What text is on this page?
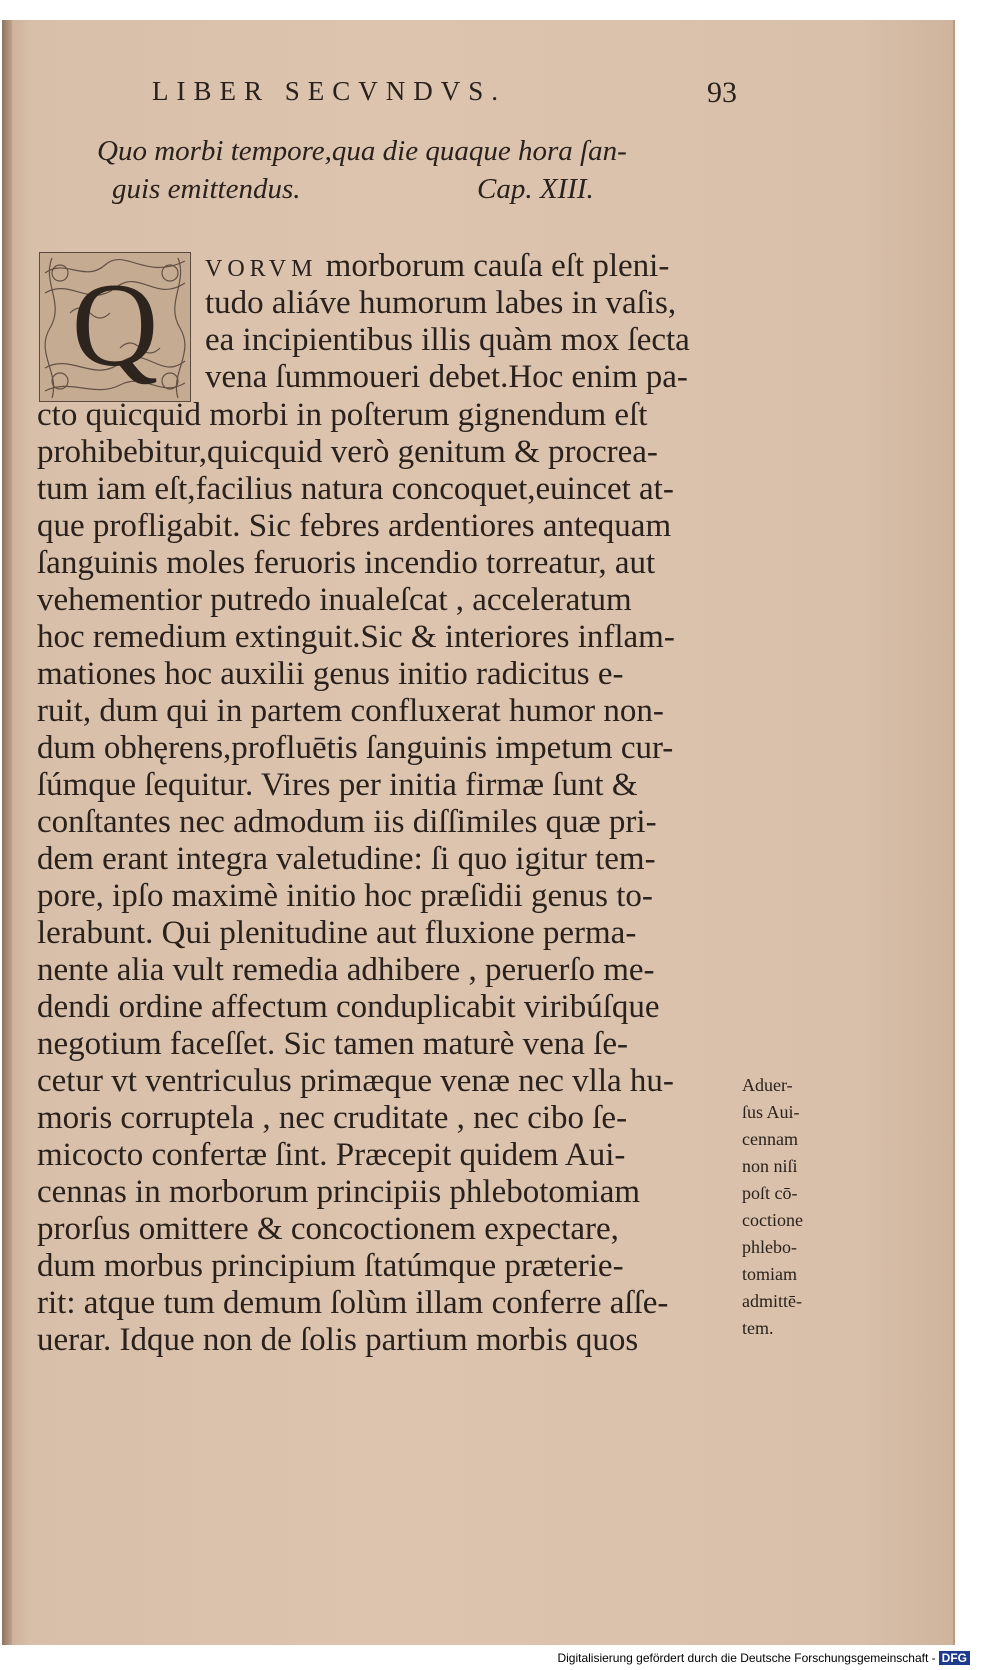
LIBER SECVNDVS.	93
Quo morbi tempore,qua die quaque hora ſan-
guis emittendus.	Cap. XIII.
Q VORVM morborum cauſa eſt pleni-
tudo aliáve humorum labes in vaſis,
ea incipientibus illis quàm mox ſecta
vena ſummoueri debet.Hoc enim pa-
cto quicquid morbi in poſterum gignendum eſt
prohibebitur,quicquid verò genitum & procrea-
tum iam eſt,facilius natura concoquet,euincet at-
que profligabit. Sic febres ardentiores antequam
ſanguinis moles feruoris incendio torreatur, aut
vehementior putredo inualeſcat , acceleratum
hoc remedium extinguit.Sic & interiores inflam-
mationes hoc auxilii genus initio radicitus e-
ruit, dum qui in partem confluxerat humor non-
dum obhęrens,profluētis ſanguinis impetum cur-
ſúmque ſequitur. Vires per initia firmæ ſunt &
conſtantes nec admodum iis diſſimiles quæ pri-
dem erant integra valetudine: ſi quo igitur tem-
pore, ipſo maximè initio hoc præſidii genus to-
lerabunt. Qui plenitudine aut fluxione perma-
nente alia vult remedia adhibere , peruerſo me-
dendi ordine affectum conduplicabit viribúſque
negotium faceſſet. Sic tamen maturè vena ſe-
cetur vt ventriculus primæque venæ nec vlla hu-
moris corruptela , nec cruditate , nec cibo ſe-
micocto confertæ ſint. Præcepit quidem Aui-
cennas in morborum principiis phlebotomiam
prorſus omittere & concoctionem expectare,
dum morbus principium ſtatúmque præterie-
rit: atque tum demum ſolùm illam conferre aſſe-
uerar. Idque non de ſolis partium morbis quos
Aduer-
ſus Aui-
cennam
non niſi
poſt cō-
coctione
phlebo-
tomiam
admittē-
tem.
Digitalisierung gefördert durch die Deutsche Forschungsgemeinschaft - DFG
